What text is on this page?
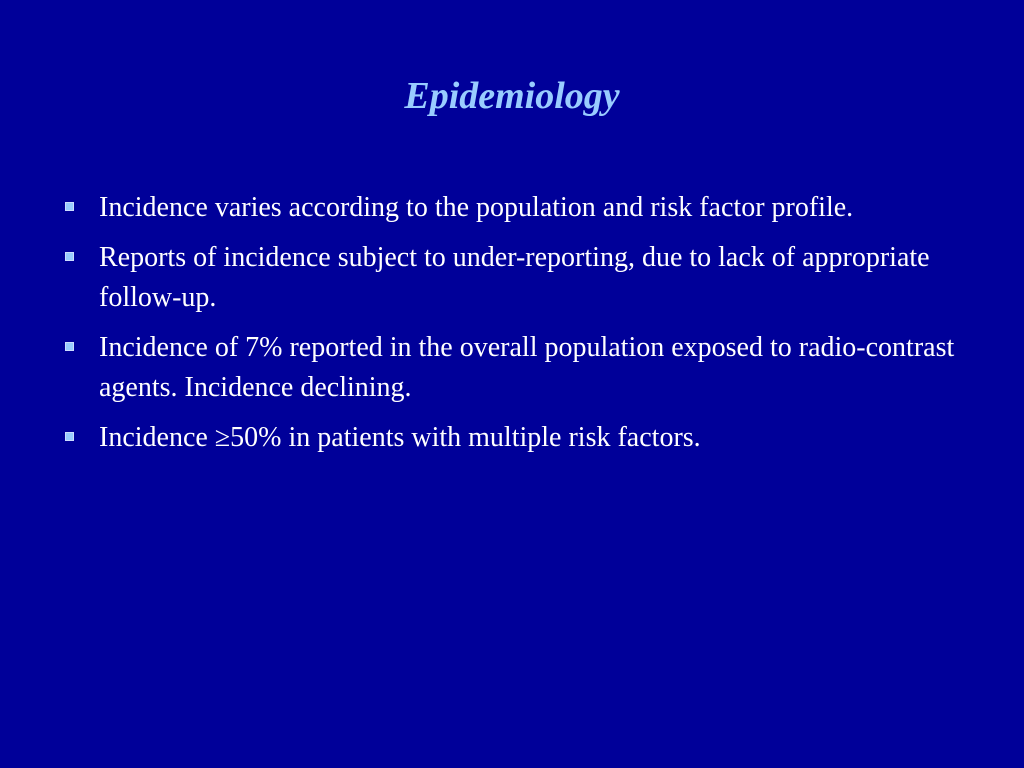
Epidemiology
Incidence varies according to the population and risk factor profile.
Reports of incidence subject to under-reporting, due to lack of appropriate follow-up.
Incidence of 7% reported in the overall population exposed to radio-contrast agents. Incidence declining.
Incidence ≥50% in patients with multiple risk factors.
